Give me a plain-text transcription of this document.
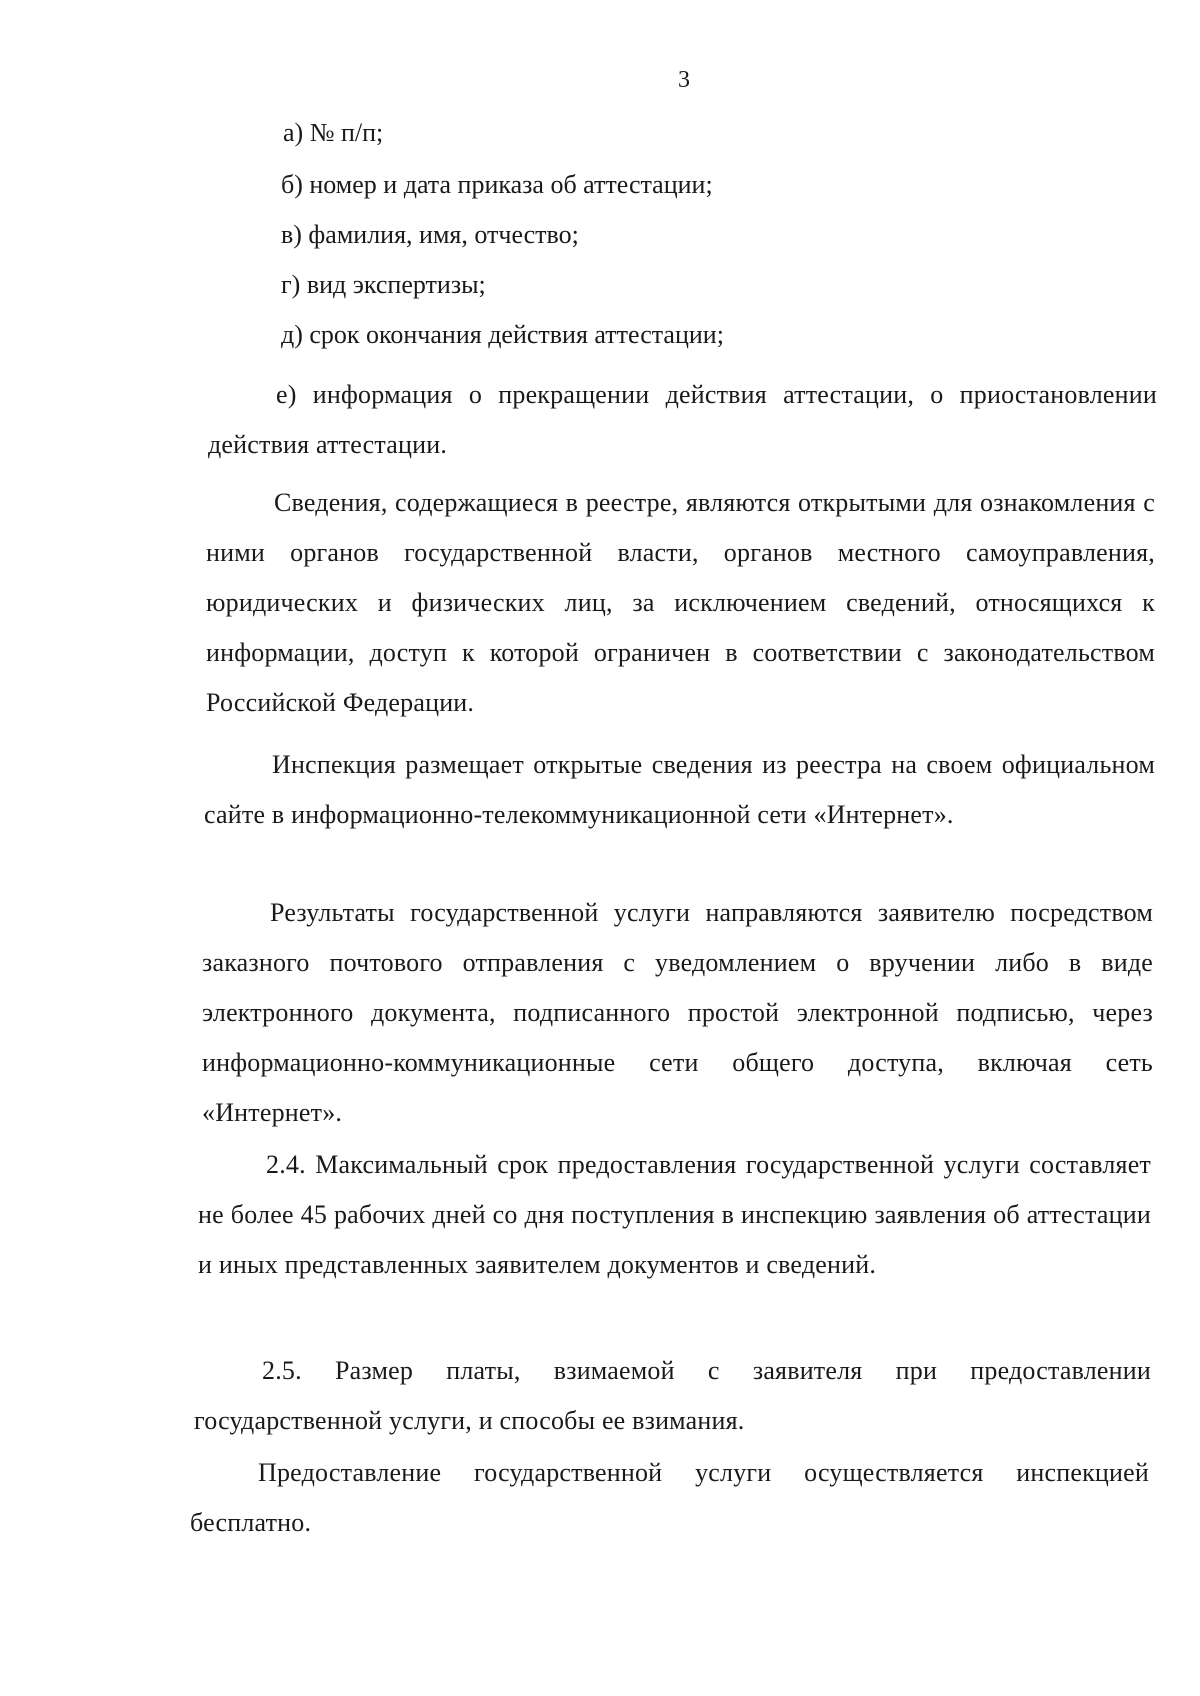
3
а) № п/п;
б) номер и дата приказа об аттестации;
в) фамилия, имя, отчество;
г) вид экспертизы;
д) срок окончания действия аттестации;

е) информация о прекращении действия аттестации, о приостановлении действия аттестации.

Сведения, содержащиеся в реестре, являются открытыми для ознакомления с ними органов государственной власти, органов местного самоуправления, юридических и физических лиц, за исключением сведений, относящихся к информации, доступ к которой ограничен в соответствии с законодательством Российской Федерации.

Инспекция размещает открытые сведения из реестра на своем официальном сайте в информационно-телекоммуникационной сети «Интернет».

Результаты государственной услуги направляются заявителю посредством заказного почтового отправления с уведомлением о вручении либо в виде электронного документа, подписанного простой электронной подписью, через информационно-коммуникационные сети общего доступа, включая сеть «Интернет».

2.4. Максимальный срок предоставления государственной услуги составляет не более 45 рабочих дней со дня поступления в инспекцию заявления об аттестации и иных представленных заявителем документов и сведений.

2.5. Размер платы, взимаемой с заявителя при предоставлении государственной услуги, и способы ее взимания.

Предоставление государственной услуги осуществляется инспекцией бесплатно.
